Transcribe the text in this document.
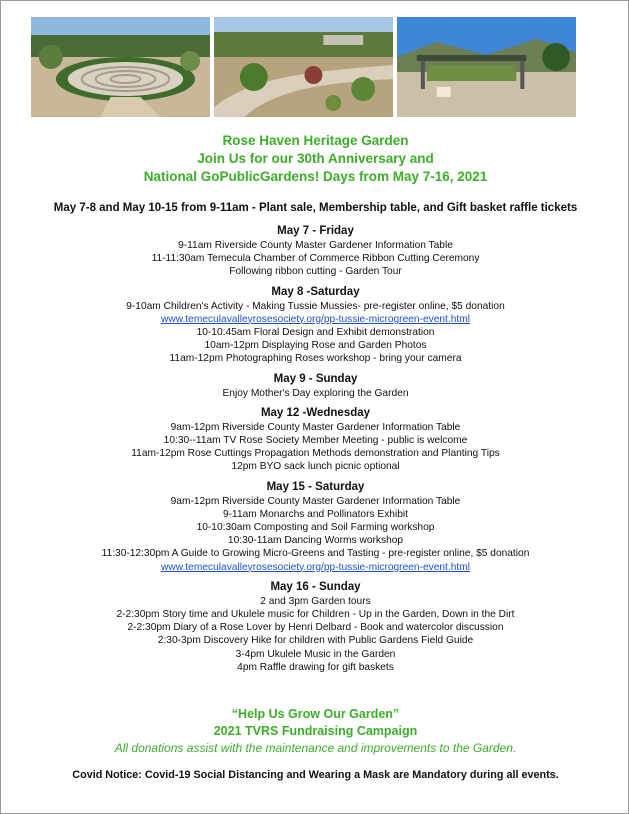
Rose Haven Heritage Garden
Join Us for our 30th Anniversary and
National GoPublicGardens! Days from May 7-16, 2021
May 7-8 and May 10-15 from 9-11am - Plant sale, Membership table, and Gift basket raffle tickets
May 7 - Friday
9-11am Riverside County Master Gardener Information Table
11-11:30am Temecula Chamber of Commerce Ribbon Cutting Ceremony
Following ribbon cutting - Garden Tour
May 8 -Saturday
9-10am Children's Activity - Making Tussie Mussies- pre-register online, $5 donation
www.temeculavalleyrosesociety.org/pp-tussie-microgreen-event.html
10-10:45am Floral Design and Exhibit demonstration
10am-12pm Displaying Rose and Garden Photos
11am-12pm Photographing Roses workshop - bring your camera
May 9 - Sunday
Enjoy Mother's Day exploring the Garden
May 12 -Wednesday
9am-12pm Riverside County Master Gardener Information Table
10:30--11am TV Rose Society Member Meeting - public is welcome
11am-12pm Rose Cuttings Propagation Methods demonstration and Planting Tips
12pm BYO sack lunch picnic optional
May 15 - Saturday
9am-12pm Riverside County Master Gardener Information Table
9-11am Monarchs and Pollinators Exhibit
10-10:30am Composting and Soil Farming workshop
10:30-11am Dancing Worms workshop
11:30-12:30pm A Guide to Growing Micro-Greens and Tasting - pre-register online, $5 donation
www.temeculavalleyrosesociety.org/pp-tussie-microgreen-event.html
May 16 - Sunday
2 and 3pm Garden tours
2-2:30pm Story time and Ukulele music for Children - Up in the Garden, Down in the Dirt
2-2:30pm Diary of a Rose Lover by Henri Delbard - Book and watercolor discussion
2:30-3pm Discovery Hike for children with Public Gardens Field Guide
3-4pm Ukulele Music in the Garden
4pm Raffle drawing for gift baskets
“Help Us Grow Our Garden”
2021 TVRS Fundraising Campaign
All donations assist with the maintenance and improvements to the Garden.
Covid Notice: Covid-19 Social Distancing and Wearing a Mask are Mandatory during all events.
